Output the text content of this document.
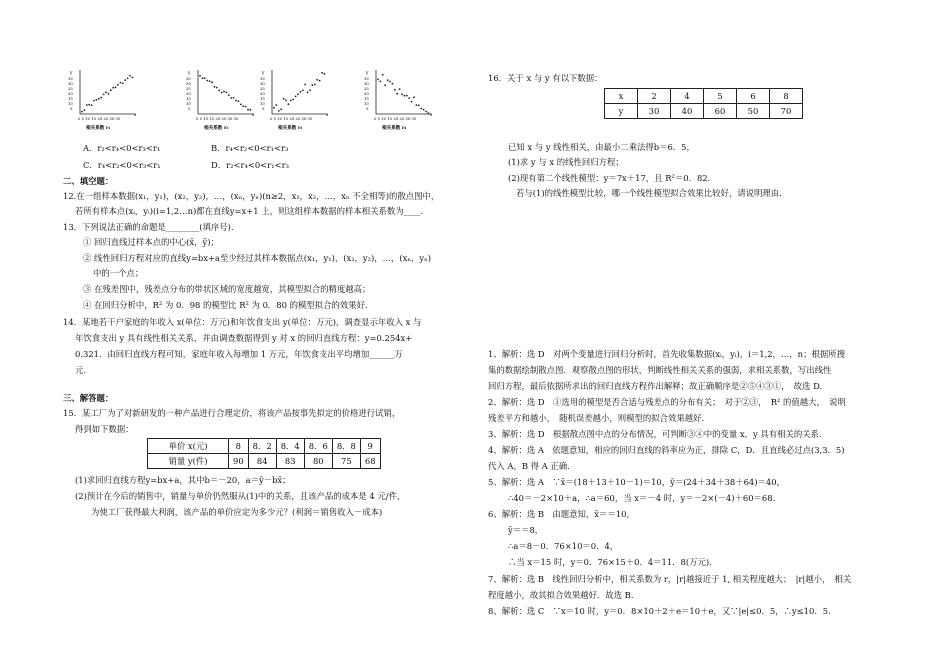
y
35
30
25
20
15
10
5
0 5 10 15 20 25 30 35
x
相关系数 r₁
y
35
30
25
20
15
10
5
0 5 10 15 20 25 30 35
x
相关系数 r₂
y
35
30
25
20
15
10
5
0 5 10 15 20 25 30 35
x
相关系数 r₃
y
35
30
25
20
15
10
5
0 5 10 15 20 25 30 35
x
相关系数 r₄
A．r₂<r₄<0<r₃<r₁	B．r₄<r₂<0<r₁<r₃
C．r₄<r₂<0<r₃<r₁	D．r₂<r₄<0<r₁<r₃
二、填空题：
12.在一组样本数据(x₁，y₁)，(x₂，y₂)，…，(xₙ，yₙ)(n≥2，x₁，x₂，…，xₙ 不全相等)的散点图中，
若所有样本点(xᵢ，yᵢ)(i=1,2…n)都在直线y=x+1 上，则这组样本数据的样本相关系数为____.
13．下列说法正确的命题是________(填序号).
① 回归直线过样本点的中心(x̄，ȳ)；
② 线性回归方程对应的直线y=bx+a至少经过其样本数据点(x₁，y₁)，(x₂，y₂)，…，(xₙ，yₙ)
中的一个点；
③ 在残差图中，残差点分布的带状区域的宽度越宽，其模型拟合的精度越高；
④ 在回归分析中，R² 为 0．98 的模型比 R² 为 0．80 的模型拟合的效果好．
14．某地若干户家庭的年收入 x(单位：万元)和年饮食支出 y(单位：万元)，调查显示年收入 x 与
年饮食支出 y 具有线性相关关系，并由调查数据得到 y 对 x 的回归直线方程：y=0.254x+
0.321．由回归直线方程可知，家庭年收入每增加 1 万元，年饮食支出平均增加______万
元.
三、解答题：
15．某工厂为了对新研发的一种产品进行合理定价，将该产品按事先拟定的价格进行试销，
得到如下数据：
单价 x(元)	8	8．2	8．4	8．6	8．8	9
销量 y(件)	90	84	83	80	75	68
(1)求回归直线方程y=bx+a，其中b＝－20，a＝ȳ－bx̄；
(2)预计在今后的销售中，销量与单价仍然服从(1)中的关系，且该产品的成本是 4 元/件，
为使工厂获得最大利润，该产品的单价应定为多少元？(利润＝销售收入－成本)
16．关于 x 与 y 有以下数据：
x	2	4	5	6	8
y	30	40	60	50	70
已知 x 与 y 线性相关，由最小二乘法得b＝6．5，
(1)求 y 与 x 的线性回归方程；
(2)现有第二个线性模型：y＝7x＋17，且 R²＝0．82.
若与(1)的线性模型比较，哪一个线性模型拟合效果比较好，请说明理由.
1、解析：选 D　对两个变量进行回归分析时，首先收集数据(xᵢ，yᵢ)，i＝1,2，…，n；根据所搜
集的数据绘制散点图．观察散点图的形状，判断线性相关关系的强弱，求相关系数，写出线性
回归方程，最后依据所求出的回归直线方程作出解释；故正确顺序是②⑤④③①，　故选 D.
2、解析：选 D　①选用的模型是否合适与残差点的分布有关；　对于②③，　R² 的值越大，　说明
残差平方和越小，　随机误差越小，则模型的拟合效果越好.
3、解析：选 D　根据散点图中点的分布情况，可判断③④中的变量 x，y 具有相关的关系．
4、解析：选 A　依题意知，相应的回归直线的斜率应为正，排除 C，D．且直线必过点(3,3．5)
代入 A，B 得 A 正确.
5、解析：选 A　∵x̄＝(18＋13＋10－1)＝10，ȳ＝(24＋34＋38＋64)＝40，
∴40＝－2×10＋a，∴a＝60，当 x＝－4 时，y＝－2×(－4)＋60＝68.
6、解析：选 B　由题意知，x̄＝＝10，
ȳ＝＝8，
∴a＝8－0．76×10＝0．4，
∴当 x＝15 时，y＝0．76×15＋0．4＝11．8(万元).
7、解析：选 B　线性回归分析中，相关系数为 r，|r|越接近于 1, 相关程度越大；　|r|越小，　相关
程度越小，故其拟合效果越好．故选 B.
8、解析：选 C　∵x＝10 时，y＝0．8×10＋2＋e＝10＋e，又∵|e|≤0．5，∴y≤10．5.
